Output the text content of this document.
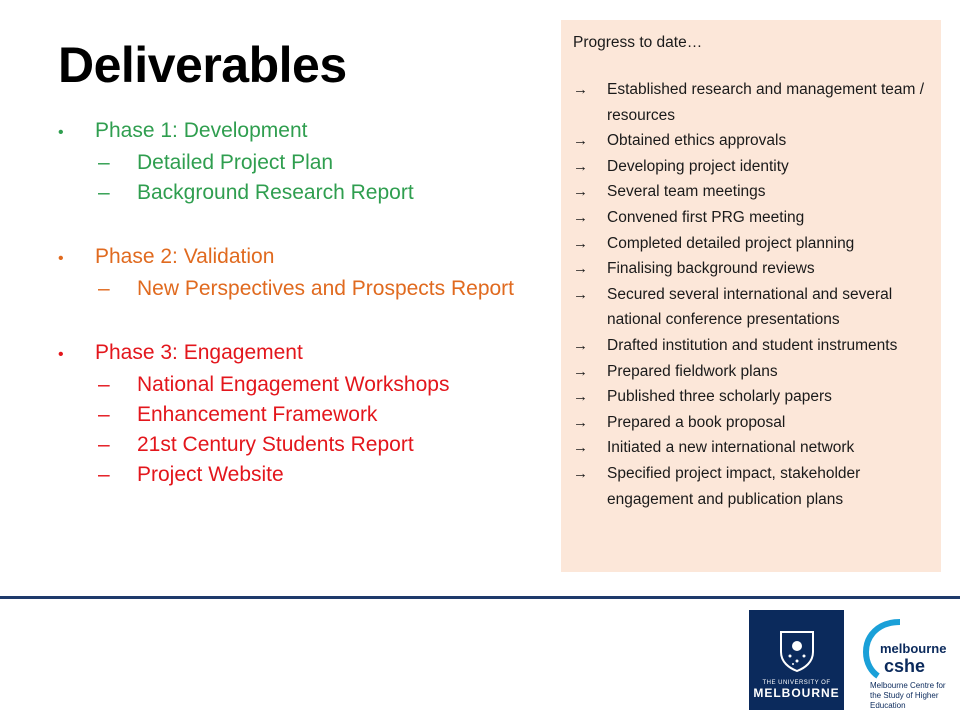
Deliverables
•	Phase 1: Development
–	Detailed Project Plan
–	Background Research Report
•	Phase 2: Validation
–	New Perspectives and Prospects Report
•	Phase 3: Engagement
–	National Engagement Workshops
–	Enhancement Framework
–	21st Century Students Report
–	Project Website

Progress to date…

→	Established research and management team / resources
→	Obtained ethics approvals
→	Developing project identity
→	Several team meetings
→	Convened first PRG meeting
→	Completed detailed project planning
→	Finalising background reviews
→	Secured several international and several national conference presentations
→	Drafted institution and student instruments
→	Prepared fieldwork plans
→	Published three scholarly papers
→	Prepared a book proposal
→	Initiated a new international network
→	Specified project impact, stakeholder engagement and publication plans
THE UNIVERSITY OF
MELBOURNE
melbourne
cshe
Melbourne Centre for the Study of Higher Education
